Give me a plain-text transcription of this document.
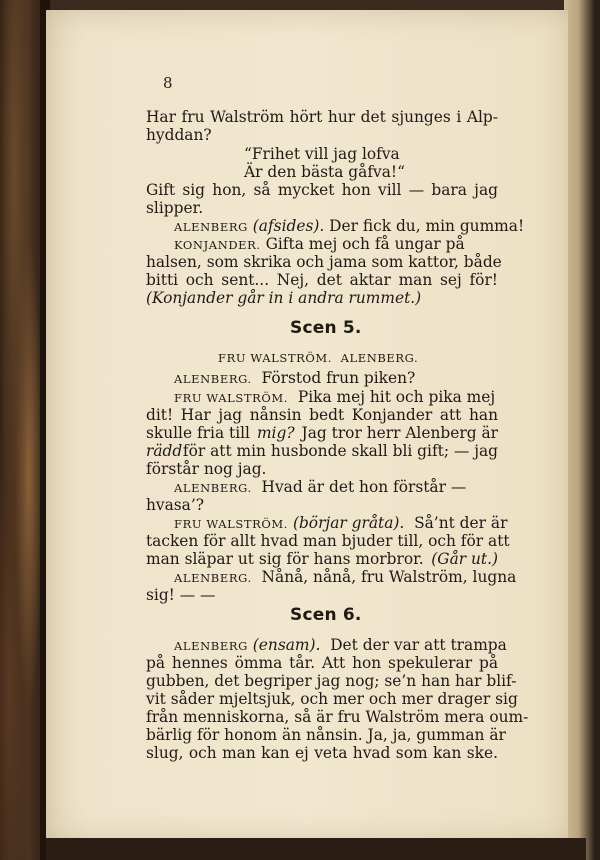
8
Har fru Walström hört hur det sjunges i Alp-
hyddan?
“Frihet vill jag lofva
Är den bästa gåfva!“
Gift sig hon, så mycket hon vill — bara jag
slipper.
ALENBERG (afsides). Der fick du, min gumma!
KONJANDER. Gifta mej och få ungar på
halsen, som skrika och jama som kattor, både
bitti och sent... Nej, det aktar man sej för!
(Konjander går in i andra rummet.)
Scen 5.
FRU WALSTRÖM. ALENBERG.
ALENBERG. Förstod frun piken?
FRU WALSTRÖM. Pika mej hit och pika mej
dit! Har jag nånsin bedt Konjander att han
skulle fria till mig? Jag tror herr Alenberg är
rädd för att min husbonde skall bli gift; — jag
förstår nog jag.
ALENBERG. Hvad är det hon förstår —
hvasa’?
FRU WALSTRÖM. (börjar gråta). Så’nt der är
tacken för allt hvad man bjuder till, och för att
man släpar ut sig för hans morbror. (Går ut.)
ALENBERG. Nånå, nånå, fru Walström, lugna
sig! — —
Scen 6.
ALENBERG (ensam). Det der var att trampa
på hennes ömma tår. Att hon spekulerar på
gubben, det begriper jag nog; se’n han har blif-
vit såder mjeltsjuk, och mer och mer drager sig
från menniskorna, så är fru Walström mera oum-
bärlig för honom än nånsin. Ja, ja, gumman är
slug, och man kan ej veta hvad som kan ske.
